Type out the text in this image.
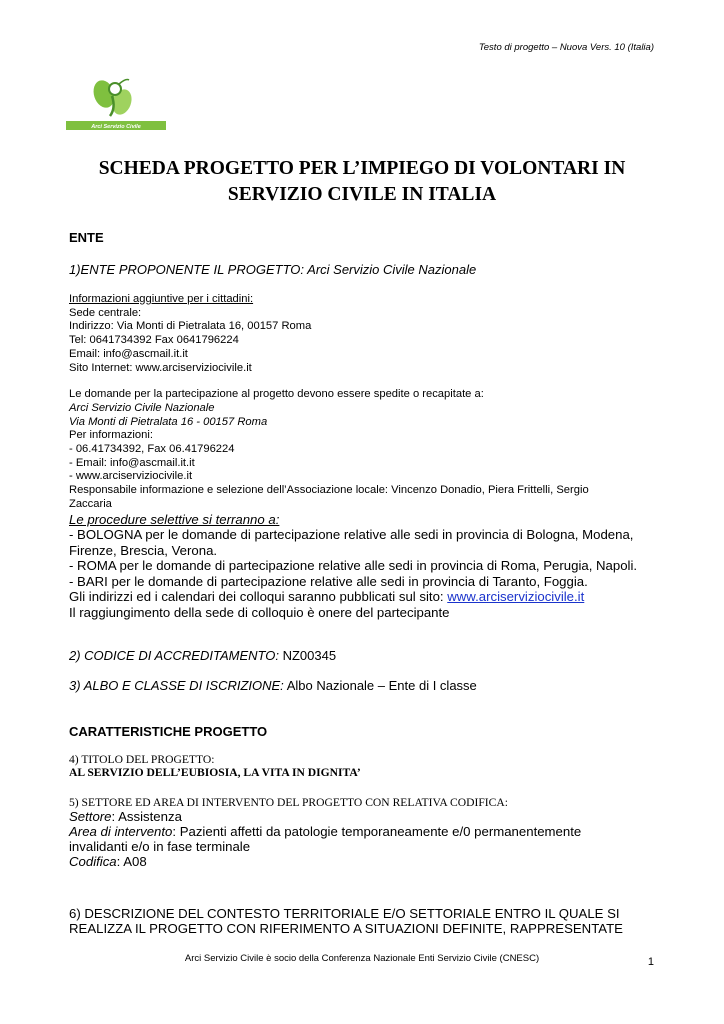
Testo di progetto – Nuova Vers. 10 (Italia)
Arci Servizio Civile
SCHEDA PROGETTO PER L’IMPIEGO DI VOLONTARI IN
SERVIZIO CIVILE IN ITALIA
ENTE
1)ENTE PROPONENTE IL PROGETTO: Arci Servizio Civile Nazionale
Informazioni aggiuntive per i cittadini:
Sede centrale:
Indirizzo: Via Monti di Pietralata 16, 00157 Roma
Tel: 0641734392 Fax 0641796224
Email: info@ascmail.it.it
Sito Internet: www.arciserviziocivile.it
Le domande per la partecipazione al progetto devono essere spedite o recapitate a:
Arci Servizio Civile Nazionale
Via Monti di Pietralata 16 - 00157 Roma
Per informazioni:
- 06.41734392, Fax 06.41796224
- Email: info@ascmail.it.it
- www.arciserviziocivile.it
Responsabile informazione e selezione dell’Associazione locale: Vincenzo Donadio, Piera Frittelli, Sergio
Zaccaria
Le procedure selettive si terranno a:
- BOLOGNA per le domande di partecipazione relative alle sedi in provincia di Bologna, Modena,
Firenze, Brescia, Verona.
- ROMA per le domande di partecipazione relative alle sedi in provincia di Roma, Perugia, Napoli.
- BARI per le domande di partecipazione relative alle sedi in provincia di Taranto, Foggia.
Gli indirizzi ed i calendari dei colloqui saranno pubblicati sul sito: www.arciserviziocivile.it
Il raggiungimento della sede di colloquio è onere del partecipante
2) CODICE DI ACCREDITAMENTO: NZ00345
3) ALBO E CLASSE DI ISCRIZIONE: Albo Nazionale – Ente di I classe
CARATTERISTICHE PROGETTO
4) TITOLO DEL PROGETTO:
AL SERVIZIO DELL’EUBIOSIA, LA VITA IN DIGNITA’
5) SETTORE ED AREA DI INTERVENTO DEL PROGETTO CON RELATIVA CODIFICA:
Settore: Assistenza
Area di intervento: Pazienti affetti da patologie temporaneamente e/0 permanentemente
invalidanti e/o in fase terminale
Codifica: A08
6) DESCRIZIONE DEL CONTESTO TERRITORIALE E/O SETTORIALE ENTRO IL QUALE SI
REALIZZA IL PROGETTO CON RIFERIMENTO A SITUAZIONI DEFINITE, RAPPRESENTATE
Arci Servizio Civile è socio della Conferenza Nazionale Enti Servizio Civile (CNESC)	1
